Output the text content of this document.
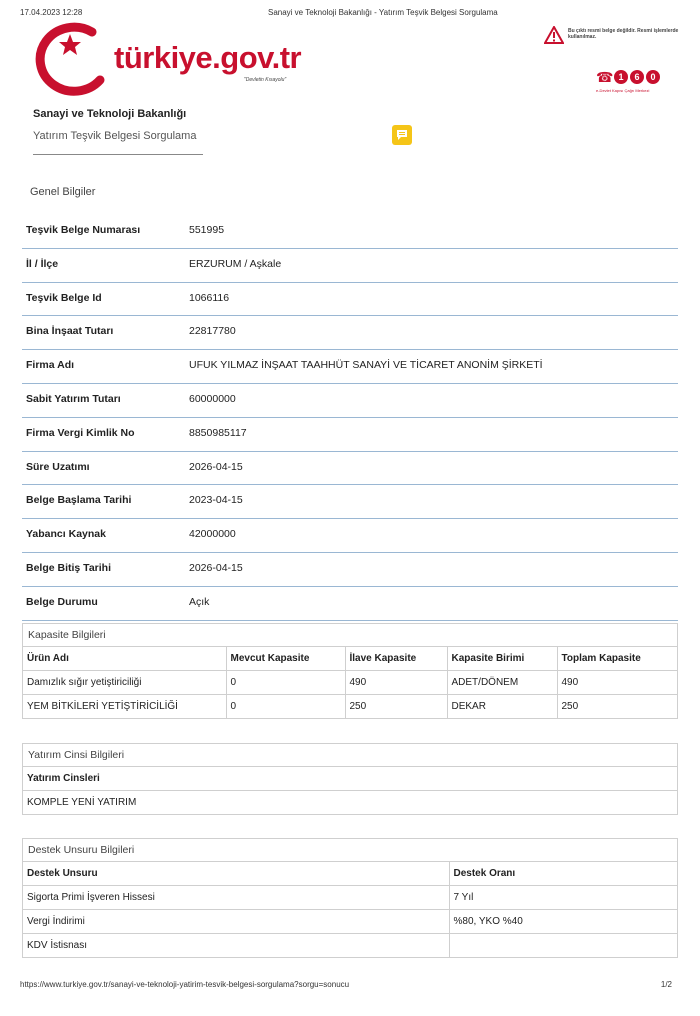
17.04.2023 12:28	Sanayi ve Teknoloji Bakanlığı - Yatırım Teşvik Belgesi Sorgulama
türkiye.gov.tr
"Devletin Kısayolu"
Bu çıktı resmi belge değildir. Resmi işlemlerde kullanılmaz.
☎ 1	6	0
e-Devlet Kapısı Çağrı Merkezi
Sanayi ve Teknoloji Bakanlığı
Yatırım Teşvik Belgesi Sorgulama
Genel Bilgiler
Teşvik Belge Numarası	551995
İl / İlçe	ERZURUM / Aşkale
Teşvik Belge Id	1066116
Bina İnşaat Tutarı	22817780
Firma Adı	UFUK YILMAZ İNŞAAT TAAHHÜT SANAYİ VE TİCARET ANONİM ŞİRKETİ
Sabit Yatırım Tutarı	60000000
Firma Vergi Kimlik No	8850985117
Süre Uzatımı	2026-04-15
Belge Başlama Tarihi	2023-04-15
Yabancı Kaynak	42000000
Belge Bitiş Tarihi	2026-04-15
Belge Durumu	Açık
Kapasite Bilgileri
Ürün Adı	Mevcut Kapasite	İlave Kapasite	Kapasite Birimi	Toplam Kapasite
Damızlık sığır yetiştiriciliği	0	490	ADET/DÖNEM	490
YEM BİTKİLERİ YETİŞTİRİCİLİĞİ	0	250	DEKAR	250
Yatırım Cinsi Bilgileri
Yatırım Cinsleri
KOMPLE YENİ YATIRIM
Destek Unsuru Bilgileri
Destek Unsuru	Destek Oranı
Sigorta Primi İşveren Hissesi	7 Yıl
Vergi İndirimi	%80, YKO %40
KDV İstisnası	
https://www.turkiye.gov.tr/sanayi-ve-teknoloji-yatirim-tesvik-belgesi-sorgulama?sorgu=sonucu	1/2
